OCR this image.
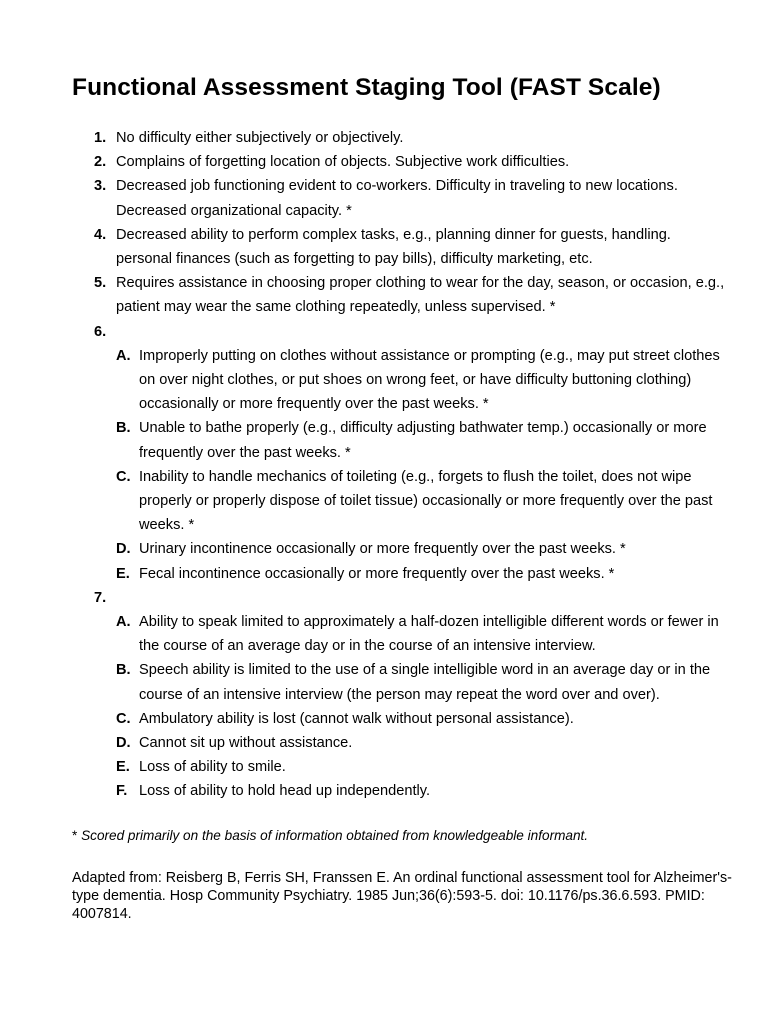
Functional Assessment Staging Tool (FAST Scale)
1. No difficulty either subjectively or objectively.
2. Complains of forgetting location of objects. Subjective work difficulties.
3. Decreased job functioning evident to co-workers. Difficulty in traveling to new locations. Decreased organizational capacity. *
4. Decreased ability to perform complex tasks, e.g., planning dinner for guests, handling. personal finances (such as forgetting to pay bills), difficulty marketing, etc.
5. Requires assistance in choosing proper clothing to wear for the day, season, or occasion, e.g., patient may wear the same clothing repeatedly, unless supervised. *
6.
A. Improperly putting on clothes without assistance or prompting (e.g., may put street clothes on over night clothes, or put shoes on wrong feet, or have difficulty buttoning clothing) occasionally or more frequently over the past weeks. *
B. Unable to bathe properly (e.g., difficulty adjusting bathwater temp.) occasionally or more frequently over the past weeks. *
C. Inability to handle mechanics of toileting (e.g., forgets to flush the toilet, does not wipe properly or properly dispose of toilet tissue) occasionally or more frequently over the past weeks. *
D. Urinary incontinence occasionally or more frequently over the past weeks. *
E. Fecal incontinence occasionally or more frequently over the past weeks. *
7.
A. Ability to speak limited to approximately a half-dozen intelligible different words or fewer in the course of an average day or in the course of an intensive interview.
B. Speech ability is limited to the use of a single intelligible word in an average day or in the course of an intensive interview (the person may repeat the word over and over).
C. Ambulatory ability is lost (cannot walk without personal assistance).
D. Cannot sit up without assistance.
E. Loss of ability to smile.
F. Loss of ability to hold head up independently.

* Scored primarily on the basis of information obtained from knowledgeable informant.

Adapted from: Reisberg B, Ferris SH, Franssen E. An ordinal functional assessment tool for Alzheimer's-type dementia. Hosp Community Psychiatry. 1985 Jun;36(6):593-5. doi: 10.1176/ps.36.6.593. PMID: 4007814.
